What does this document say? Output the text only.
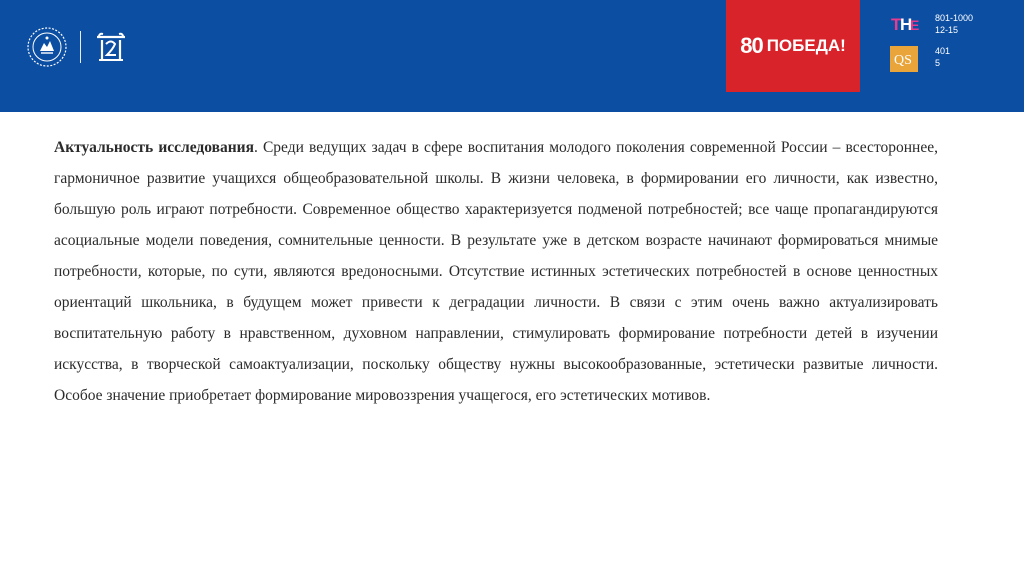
80 ПОБЕДА!
T
H
E 801-1000
12-15
QS
401
5

Актуальность исследования. Среди ведущих задач в сфере воспитания молодого поколения современной России – всестороннее, гармоничное развитие учащихся общеобразовательной школы. В жизни человека, в формировании его личности, как известно, большую роль играют потребности. Современное общество характеризуется подменой потребностей; все чаще пропагандируются асоциальные модели поведения, сомнительные ценности. В результате уже в детском возрасте начинают формироваться мнимые потребности, которые, по сути, являются вредоносными. Отсутствие истинных эстетических потребностей в основе ценностных ориентаций школьника, в будущем может привести к деградации личности. В связи с этим очень важно актуализировать воспитательную работу в нравственном, духовном направлении, стимулировать формирование потребности детей в изучении искусства, в творческой самоактуализации, поскольку обществу нужны высокообразованные, эстетически развитые личности. Особое значение приобретает формирование мировоззрения учащегося, его эстетических мотивов.
